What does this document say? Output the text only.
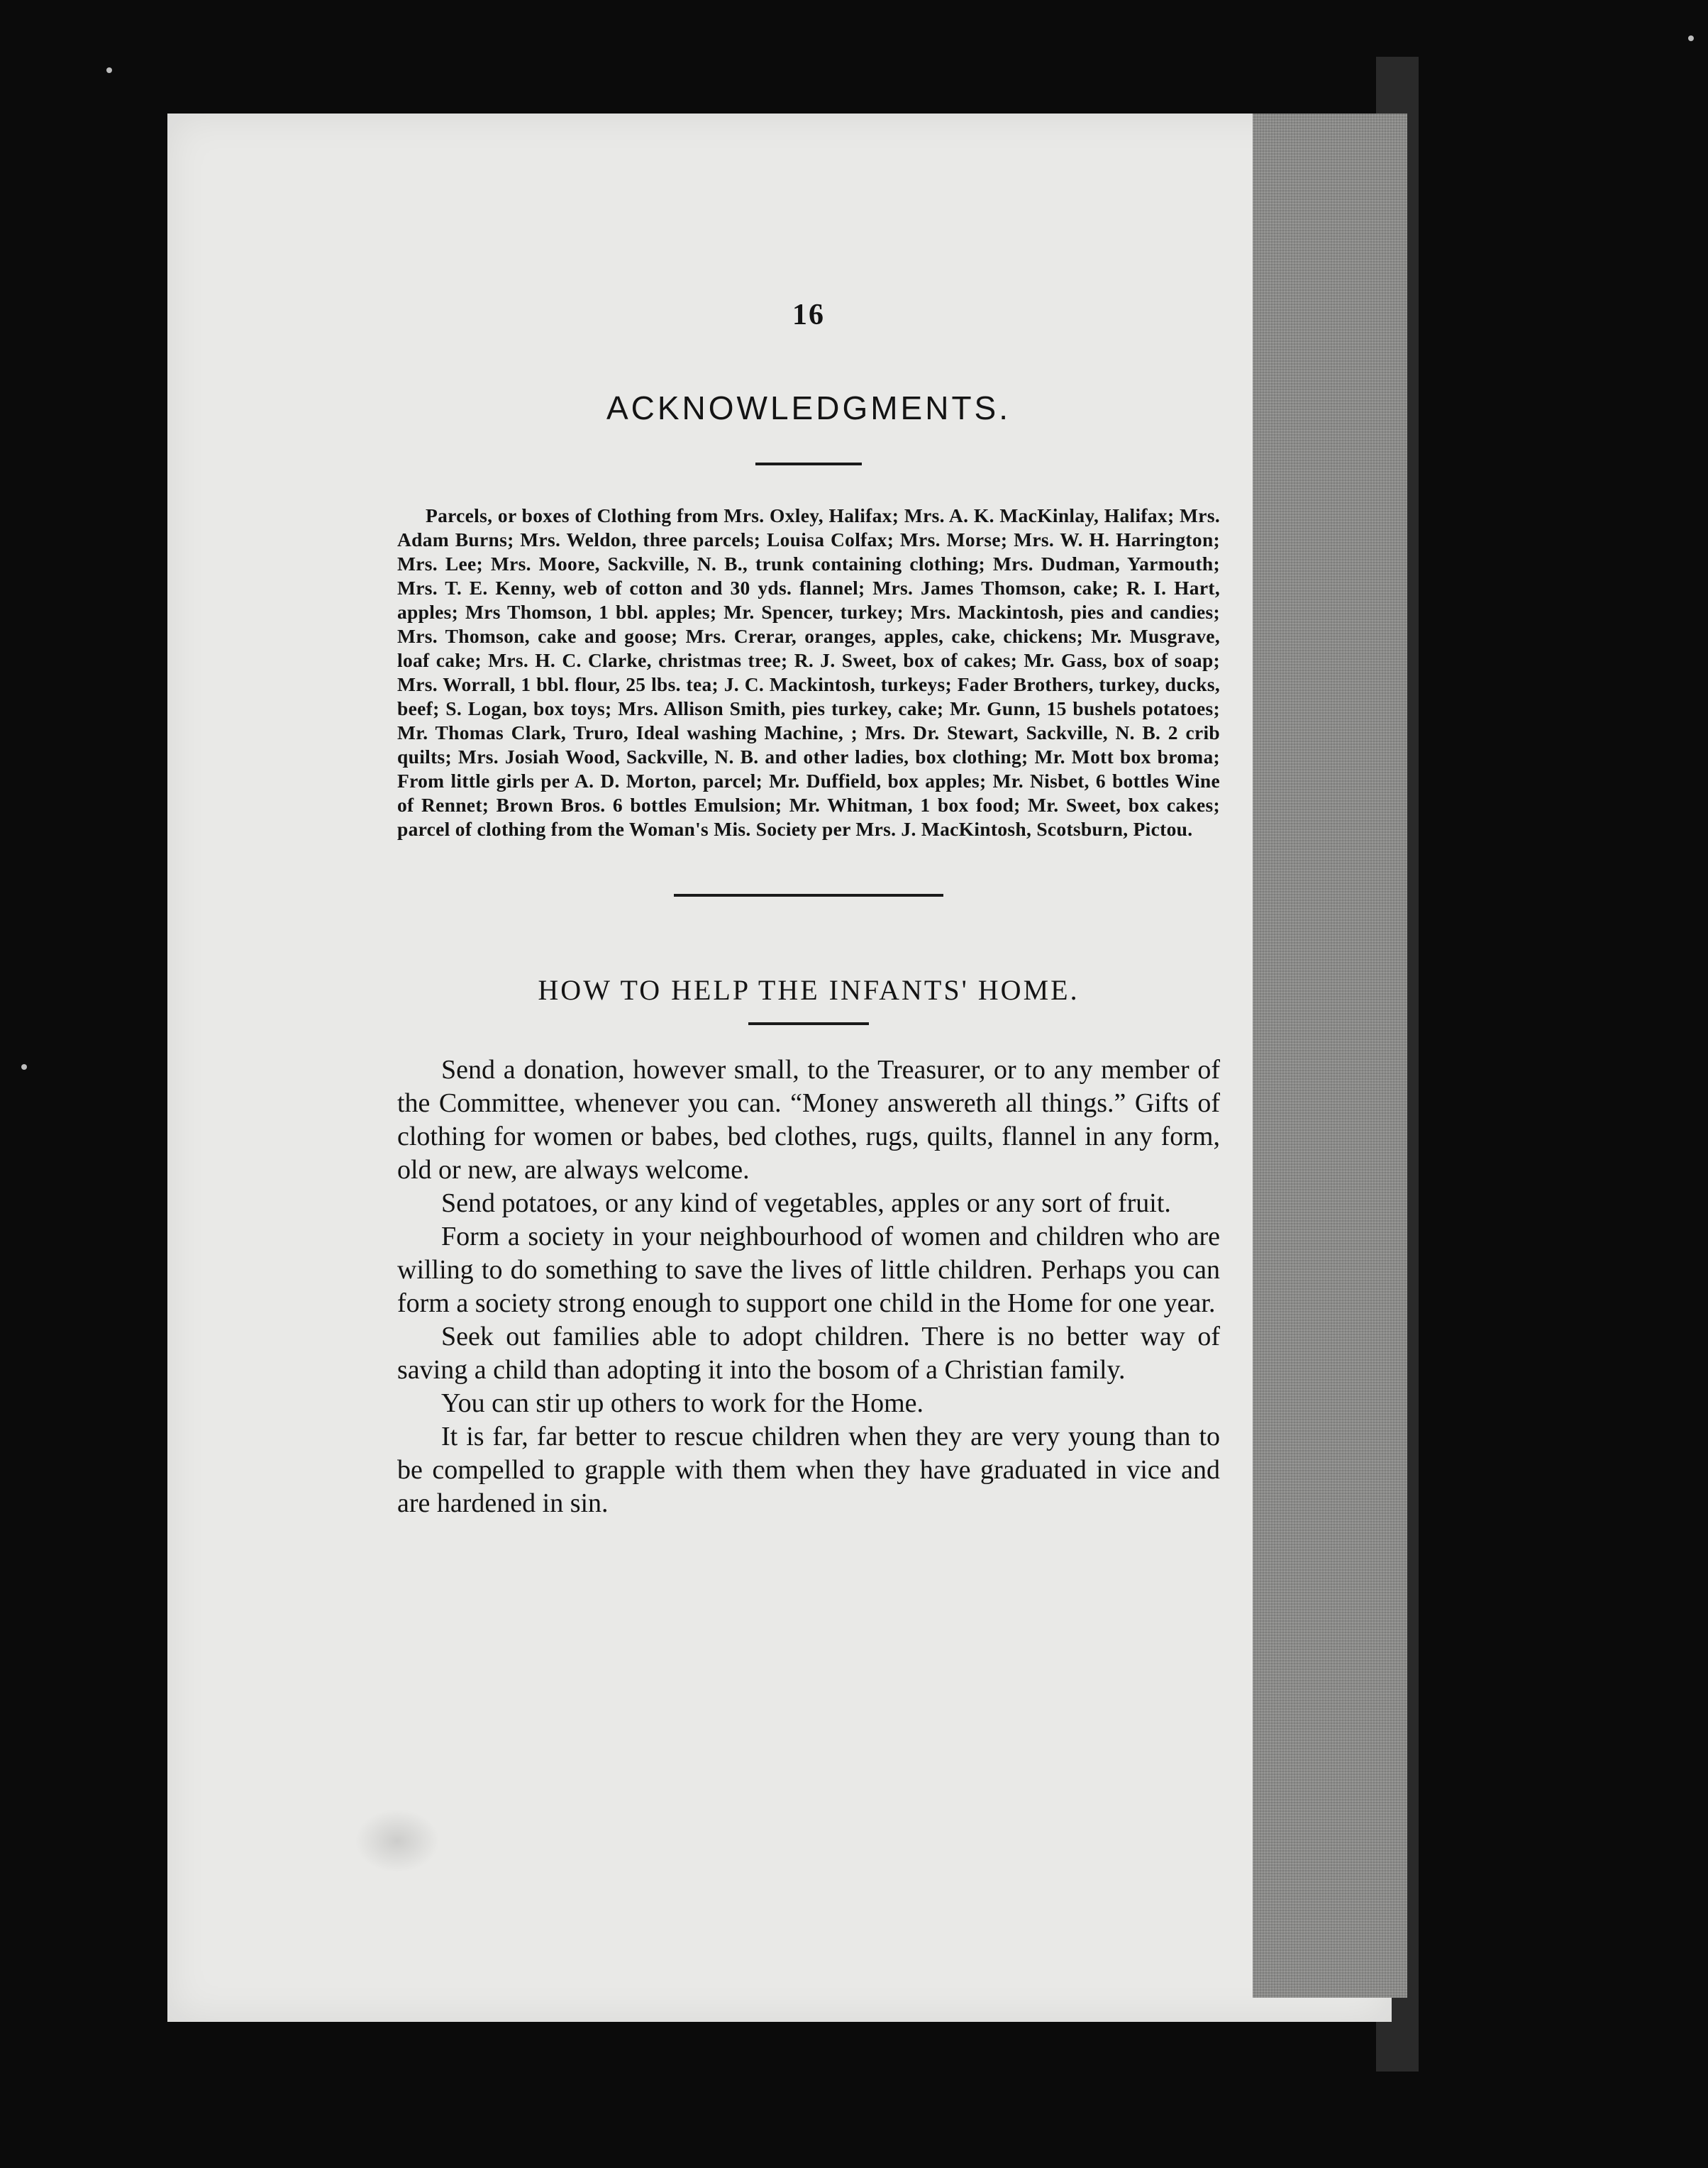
16
ACKNOWLEDGMENTS.
Parcels, or boxes of Clothing from Mrs. Oxley, Halifax; Mrs. A. K. MacKinlay, Halifax; Mrs. Adam Burns; Mrs. Weldon, three parcels; Louisa Colfax; Mrs. Morse; Mrs. W. H. Harrington; Mrs. Lee; Mrs. Moore, Sackville, N. B., trunk containing clothing; Mrs. Dudman, Yarmouth; Mrs. T. E. Kenny, web of cotton and 30 yds. flannel; Mrs. James Thomson, cake; R. I. Hart, apples; Mrs Thomson, 1 bbl. apples; Mr. Spencer, turkey; Mrs. Mackintosh, pies and candies; Mrs. Thomson, cake and goose; Mrs. Crerar, oranges, apples, cake, chickens; Mr. Musgrave, loaf cake; Mrs. H. C. Clarke, christmas tree; R. J. Sweet, box of cakes; Mr. Gass, box of soap; Mrs. Worrall, 1 bbl. flour, 25 lbs. tea; J. C. Mackintosh, turkeys; Fader Brothers, turkey, ducks, beef; S. Logan, box toys; Mrs. Allison Smith, pies turkey, cake; Mr. Gunn, 15 bushels potatoes; Mr. Thomas Clark, Truro, Ideal washing Machine, ; Mrs. Dr. Stewart, Sackville, N. B. 2 crib quilts; Mrs. Josiah Wood, Sackville, N. B. and other ladies, box clothing; Mr. Mott box broma; From little girls per A. D. Morton, parcel; Mr. Duffield, box apples; Mr. Nisbet, 6 bottles Wine of Rennet; Brown Bros. 6 bottles Emulsion; Mr. Whitman, 1 box food; Mr. Sweet, box cakes; parcel of clothing from the Woman's Mis. Society per Mrs. J. MacKintosh, Scotsburn, Pictou.
HOW TO HELP THE INFANTS' HOME.

Send a donation, however small, to the Treasurer, or to any member of the Committee, whenever you can. “Money answereth all things.” Gifts of clothing for women or babes, bed clothes, rugs, quilts, flannel in any form, old or new, are always welcome.

Send potatoes, or any kind of vegetables, apples or any sort of fruit.

Form a society in your neighbourhood of women and children who are willing to do something to save the lives of little children. Perhaps you can form a society strong enough to support one child in the Home for one year.

Seek out families able to adopt children. There is no better way of saving a child than adopting it into the bosom of a Christian family.

You can stir up others to work for the Home.

It is far, far better to rescue children when they are very young than to be compelled to grapple with them when they have graduated in vice and are hardened in sin.
